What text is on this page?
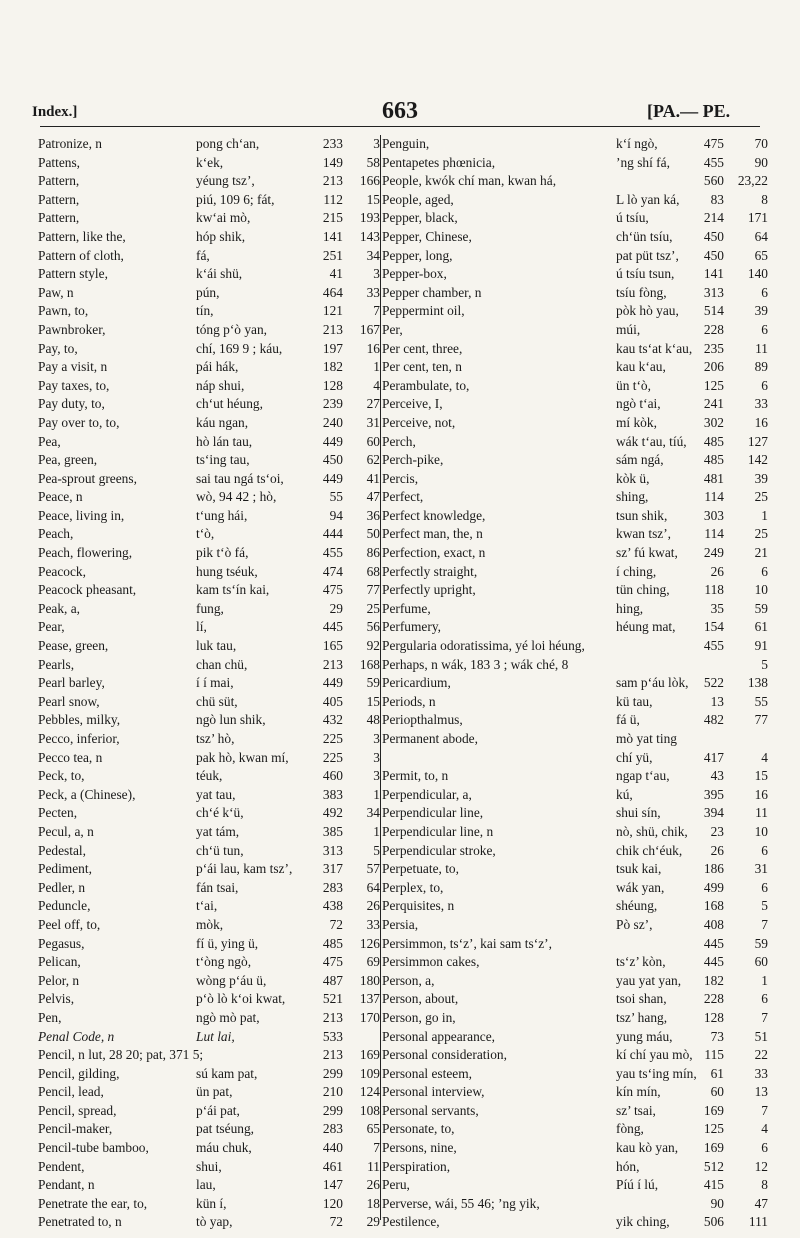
Index.]	663	[PA.— PE.
Patronize, n	pong ch‘an,	233	3
Pattens,	k‘ek,	149	58
Pattern,	yéung tsz’,	213	166
Pattern,	piú, 109 6; fát,	112	15
Pattern,	kw‘ai mò,	215	193
Pattern, like the,	hóp shik,	141	143
Pattern of cloth,	fá,	251	34
Pattern style,	k‘ái shü,	41	3
Paw, n	pún,	464	33
Pawn, to,	tín,	121	7
Pawnbroker,	tóng p‘ò yan,	213	167
Pay, to,	chí, 169 9 ; káu,	197	16
Pay a visit, n	pái hák,	182	1
Pay taxes, to,	náp shui,	128	4
Pay duty, to,	ch‘ut héung,	239	27
Pay over to, to,	káu ngan,	240	31
Pea,	hò lán tau,	449	60
Pea, green,	ts‘ing tau,	450	62
Pea-sprout greens,	sai tau ngá ts‘oi,	449	41
Peace, n	wò, 94 42 ; hò,	55	47
Peace, living in,	t‘ung hái,	94	36
Peach,	t‘ò,	444	50
Peach, flowering,	pik t‘ò fá,	455	86
Peacock,	hung tséuk,	474	68
Peacock pheasant,	kam ts‘ín kai,	475	77
Peak, a,	fung,	29	25
Pear,	lí,	445	56
Pease, green,	luk tau,	165	92
Pearls,	chan chü,	213	168
Pearl barley,	í í mai,	449	59
Pearl snow,	chü süt,	405	15
Pebbles, milky,	ngò lun shik,	432	48
Pecco, inferior,	tsz’ hò,	225	3
Pecco tea, n	pak hò, kwan mí,	225	3
Peck, to,	téuk,	460	3
Peck, a (Chinese),	yat tau,	383	1
Pecten,	ch‘é k‘ü,	492	34
Pecul, a, n	yat tám,	385	1
Pedestal,	ch‘ü tun,	313	5
Pediment,	p‘ái lau, kam tsz’, 317	57
Pedler, n	fán tsai,	283	64
Peduncle,	t‘ai,	438	26
Peel off, to,	mòk,	72	33
Pegasus,	fí ü, ying ü,	485	126
Pelican,	t‘òng ngò,	475	69
Pelor, n	wòng p‘áu ü,	487	180
Pelvis,	p‘ò lò k‘oi kwat,	521	137
Pen,	ngò mò pat,	213	170
Penal Code, n	Lut lai,	533
Pencil, n lut, 28 20; pat, 371 5;	213	169
Pencil, gilding,	sú kam pat,	299	109
Pencil, lead,	ün pat,	210	124
Pencil, spread,	p‘ái pat,	299	108
Pencil-maker,	pat tséung,	283	65
Pencil-tube bamboo,	máu chuk,	440	7
Pendent,	shui,	461	11
Pendant, n	lau,	147	26
Penetrate the ear, to,	kün í,	120	18
Penetrated to, n	tò yap,	72	29
Penguin,	k‘í ngò,	475	70
Pentapetes phœnicia,	’ng shí fá,	455	90
People, kwók chí man, kwan há,	560	23,22
People, aged,	L lò yan ká, 83	8
Pepper, black,	ú tsíu,	214	171
Pepper, Chinese,	ch‘ün tsíu, 450	64
Pepper, long,	pat püt tsz’, 450	65
Pepper-box,	ú tsíu tsun, 141	140
Pepper chamber, n	tsíu fòng,	313	6
Peppermint oil,	pòk hò yau, 514	39
Per,	múi,	228	6
Per cent, three,	kau ts‘at k‘au, 235	11
Per cent, ten, n	kau k‘au,	206	89
Perambulate, to,	ün t‘ò,	125	6
Perceive, I,	ngò t‘ai,	241	33
Perceive, not,	mí kòk,	302	16
Perch,	wák t‘au, tíú, 485	127
Perch-pike,	sám ngá,	485	142
Percis,	kòk ü,	481	39
Perfect,	shing,	114	25
Perfect knowledge,	tsun shik,	303	1
Perfect man, the, n	kwan tsz’, 114	25
Perfection, exact, n	sz’ fú kwat, 249	21
Perfectly straight,	í ching,	26	6
Perfectly upright,	tün ching,	118	10
Perfume,	hing,	35	59
Perfumery,	héung mat, 154	61
Pergularia odoratissima, yé loi héung,	455	91
Perhaps, n wák, 183 3 ; wák ché, 8	5
Pericardium,	sam p‘áu lòk, 522	138
Periods, n	kü tau,	13	55
Periopthalmus,	fá ü,	482	77
Permanent abode,	mò yat ting
chí yü,	417	4
Permit, to, n	ngap t‘au,	43	15
Perpendicular, a,	kú,	395	16
Perpendicular line,	shui sín,	394	11
Perpendicular line, n	nò, shü, chik, 23	10
Perpendicular stroke,	chik ch‘éuk, 26	6
Perpetuate, to,	tsuk kai,	186	31
Perplex, to,	wák yan,	499	6
Perquisites, n	shéung,	168	5
Persia,	Pò sz’,	408	7
Persimmon, ts‘z’, kai sam ts‘z’,	445	59
Persimmon cakes,	ts‘z’ kòn,	445	60
Person, a,	yau yat yan, 182	1
Person, about,	tsoi shan,	228	6
Person, go in,	tsz’ hang,	128	7
Personal appearance,	yung máu,	73	51
Personal consideration,	kí chí yau mò, 115	22
Personal esteem,	yau ts‘ing mín, 61	33
Personal interview,	kín mín,	60	13
Personal servants,	sz’ tsai,	169	7
Personate, to,	fòng,	125	4
Persons, nine,	kau kò yan, 169	6
Perspiration,	hón,	512	12
Peru,	Píú í lú,	415	8
Perverse, wái, 55 46; ’ng yik,	90	47
Pestilence,	yik ching,	506	111
